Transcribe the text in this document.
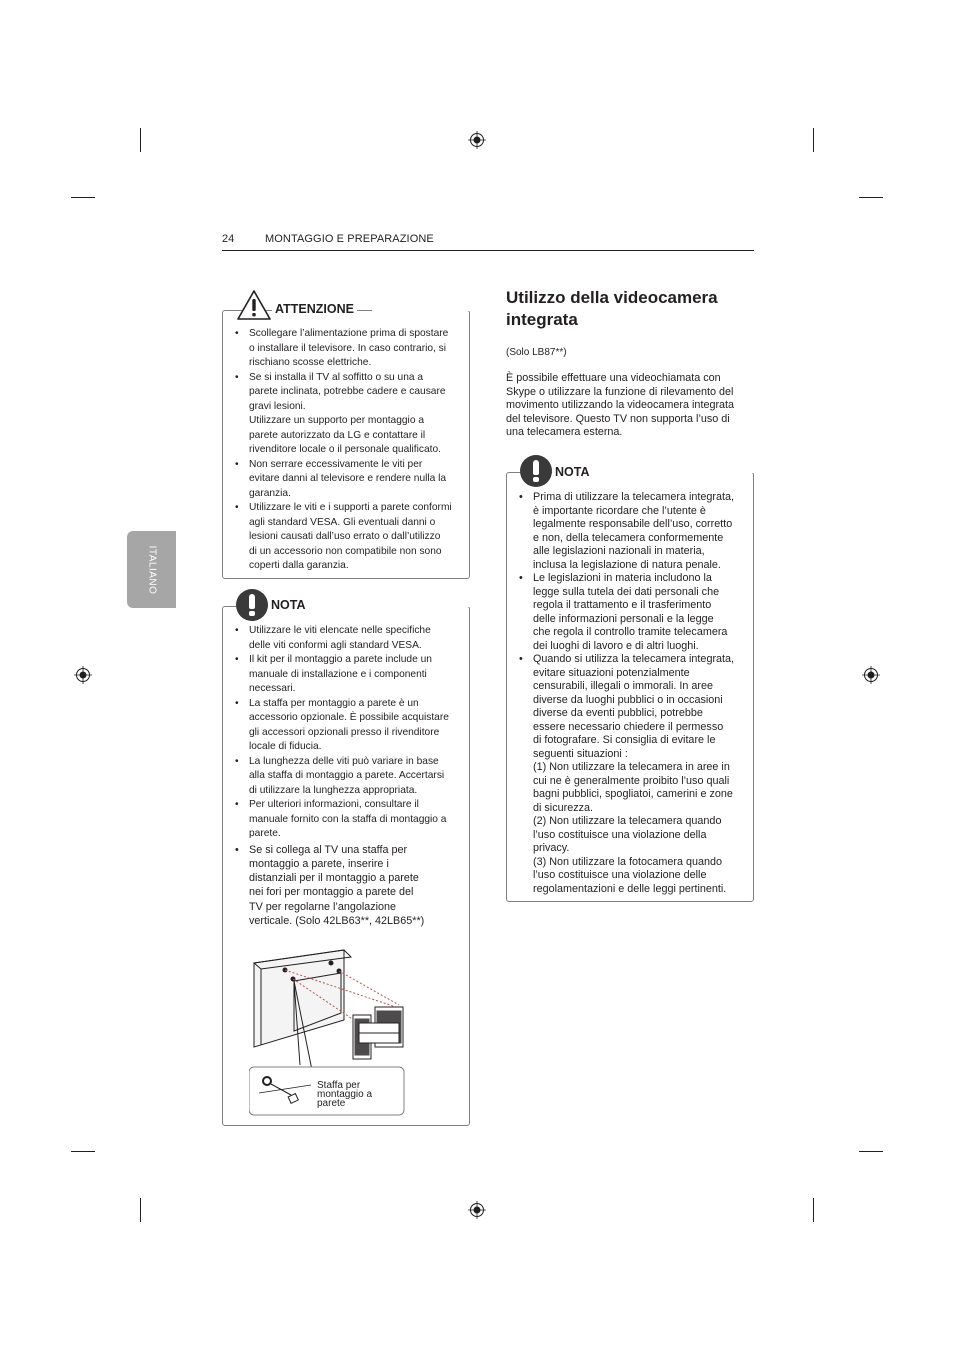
24	MONTAGGIO E PREPARAZIONE
ITALIANO
• Scollegare l’alimentazione prima di spostare
o installare il televisore. In caso contrario, si
rischiano scosse elettriche.
• Se si installa il TV al soffitto o su una a
parete inclinata, potrebbe cadere e causare
gravi lesioni.
Utilizzare un supporto per montaggio a
parete autorizzato da LG e contattare il
rivenditore locale o il personale qualificato.
• Non serrare eccessivamente le viti per
evitare danni al televisore e rendere nulla la
garanzia.
• Utilizzare le viti e i supporti a parete conformi
agli standard VESA. Gli eventuali danni o
lesioni causati dall’uso errato o dall’utilizzo
di un accessorio non compatibile non sono
coperti dalla garanzia.
ATTENZIONE
• Utilizzare le viti elencate nelle specifiche
delle viti conformi agli standard VESA.
• Il kit per il montaggio a parete include un
manuale di installazione e i componenti
necessari.
• La staffa per montaggio a parete è un
accessorio opzionale. È possibile acquistare
gli accessori opzionali presso il rivenditore
locale di fiducia.
• La lunghezza delle viti può variare in base
alla staffa di montaggio a parete. Accertarsi
di utilizzare la lunghezza appropriata.
• Per ulteriori informazioni, consultare il
manuale fornito con la staffa di montaggio a
parete.
• Se si collega al TV una staffa per
montaggio a parete, inserire i
distanziali per il montaggio a parete
nei fori per montaggio a parete del
TV per regolarne l’angolazione
verticale. (Solo 42LB63**, 42LB65**)
NOTA
Staffa per
montaggio a
parete
Utilizzo della videocamera
integrata
(Solo LB87**)
È possibile effettuare una videochiamata con
Skype o utilizzare la funzione di rilevamento del
movimento utilizzando la videocamera integrata
del televisore. Questo TV non supporta l’uso di
una telecamera esterna.
• Prima di utilizzare la telecamera integrata,
è importante ricordare che l’utente è
legalmente responsabile dell’uso, corretto
e non, della telecamera conformemente
alle legislazioni nazionali in materia,
inclusa la legislazione di natura penale.
• Le legislazioni in materia includono la
legge sulla tutela dei dati personali che
regola il trattamento e il trasferimento
delle informazioni personali e la legge
che regola il controllo tramite telecamera
dei luoghi di lavoro e di altri luoghi.
• Quando si utilizza la telecamera integrata,
evitare situazioni potenzialmente
censurabili, illegali o immorali. In aree
diverse da luoghi pubblici o in occasioni
diverse da eventi pubblici, potrebbe
essere necessario chiedere il permesso
di fotografare. Si consiglia di evitare le
seguenti situazioni :
(1) Non utilizzare la telecamera in aree in
cui ne è generalmente proibito l’uso quali
bagni pubblici, spogliatoi, camerini e zone
di sicurezza.
(2) Non utilizzare la telecamera quando
l’uso costituisce una violazione della
privacy.
(3) Non utilizzare la fotocamera quando
l’uso costituisce una violazione delle
regolamentazioni e delle leggi pertinenti.
NOTA
